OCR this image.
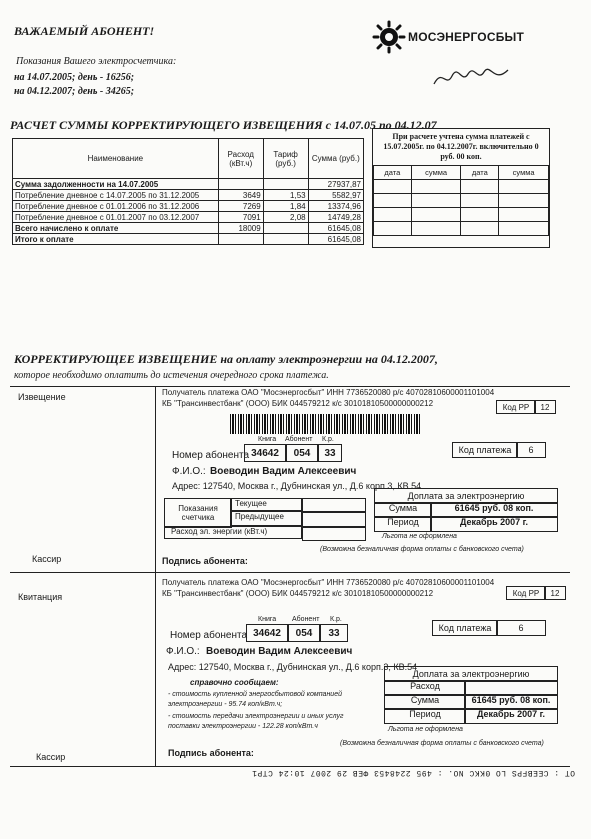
ВАЖАЕМЫЙ АБОНЕНТ!
Показания Вашего электросчетчика:
на 14.07.2005; день - 16256;
на 04.12.2007; день - 34265;
МОСЭНЕРГОСБЫТ
РАСЧЕТ СУММЫ КОРРЕКТИРУЮЩЕГО ИЗВЕЩЕНИЯ с 14.07.05 по 04.12.07
Наименование	Расход (кВт.ч)	Тариф (руб.)	Сумма (руб.)
Сумма задолженности на 14.07.2005			27937,87
Потребление дневное с 14.07.2005 по 31.12.2005	3649	1,53	5582,97
Потребление дневное с 01.01.2006 по 31.12.2006	7269	1,84	13374,96
Потребление дневное с 01.01.2007 по 03.12.2007	7091	2,08	14749,28
Всего начислено к оплате	18009		61645,08
Итого к оплате			61645,08
При расчете учтена сумма платежей с 15.07.2005г. по 04.12.2007г. включительно 0 руб. 00 коп.
дата	сумма	дата	сумма

КОРРЕКТИРУЮЩЕЕ ИЗВЕЩЕНИЕ на оплату электроэнергии на 04.12.2007,
которое необходимо оплатить до истечения очередного срока платежа.
Извещение
Кассир
Получатель платежа ОАО "Мосэнергосбыт" ИНН 7736520080 р/с 40702810600001101004
КБ "Трансинвестбанк" (ООО) БИК 044579212 к/с 30101810500000000212	Код РР	12
Книга Абонент К.р.
Номер абонента 34642	054	33	Код платежа	6
Ф.И.О.: Воеводин Вадим Алексеевич
Адрес: 127540, Москва г., Дубнинская ул., Д.6 корп.3, КВ.54
Показания счетчика
Текущее
Предыдущее
Расход эл. энергии (кВт.ч)
Доплата за электроэнергию
Сумма	61645 руб. 08 коп.
Период	Декабрь 2007 г.
Льгота не оформлена
Подпись абонента:
(Возможна безналичная форма оплаты с банковского счета)
Квитанция
Кассир
Получатель платежа ОАО "Мосэнергосбыт" ИНН 7736520080 р/с 40702810600001101004
КБ "Трансинвестбанк" (ООО) БИК 044579212 к/с 30101810500000000212	Код РР	12
Книга Абонент К.р.
Номер абонента 34642	054	33	Код платежа	6
Ф.И.О.: Воеводин Вадим Алексеевич
Адрес: 127540, Москва г., Дубнинская ул., Д.6 корп.3, КВ.54
справочно сообщаем:
- стоимость купленной энергосбытовой компанией электроэнергии - 95.74 коп/кВт.ч;
- стоимость передачи электроэнергии и иных услуг поставки электроэнергии - 122.28 коп/кВт.ч
Доплата за электроэнергию
Расход
Сумма	61645 руб. 08 коп.
Период	Декабрь 2007 г.
Льгота не оформлена
Подпись абонента:
(Возможна безналичная форма оплаты с банковского счета)
OT : CEEBFPS LO 0KKC NO. : 495 2248453 ФЕB 29 2007 10:24 CTP1
